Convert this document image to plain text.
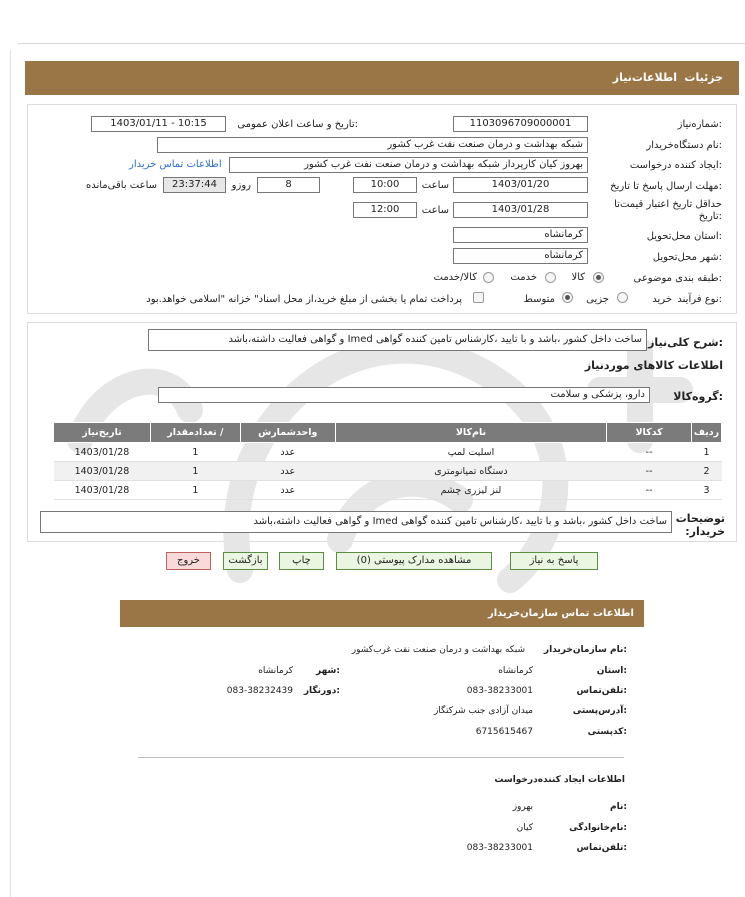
جزئیات
اطلاعات‌نیاز
شماره‌نیاز:
1103096709000001
تاریخ و ساعت اعلان عمومی:
1403/01/11 - 10:15
نام دستگاه‌خریدار:
شبکه بهداشت و درمان صنعت نفت غرب کشور
ایجاد کننده درخواست:
بهروز کیان کارپرداز شبکه بهداشت و درمان صنعت نفت غرب کشور
اطلاعات تماس خریدار
مهلت ارسال پاسخ تا تاریخ:
1403/01/20
ساعت
10:00
8
روزو
23:37:44
ساعت باقی‌مانده
حداقل تاریخ اعتبار قیمت‌تا
تاریخ:
1403/01/28
ساعت
12:00
استان محل‌تحویل:
کرمانشاه
شهر محل‌تحویل:
کرمانشاه
طبقه بندی موضوعی:
کالا
خدمت
کالا/خدمت
نوع فرآیند:
خرید
جزیی
متوسط
پرداخت تمام یا بخشی از مبلغ خرید،از محل اسناد" خزانه "اسلامی خواهد.بود
شرح کلی‌نیاز:
ساخت داخل کشور ،باشد و با تایید ،کارشناس تامین کننده گواهی Imed و گواهی فعالیت داشته،باشد
اطلاعات کالاهای موردنیاز
گروه‌کالا:
دارو، پزشکی و سلامت
ردیف	کدکالا	نام‌کالا	واحدشمارش	/ تعدادمقدار	تاریخ‌نیاز
1	--	اسلیت لمپ	عدد	1	1403/01/28
2	--	دستگاه تمپانومتری	عدد	1	1403/01/28
3	--	لنز لیزری چشم	عدد	1	1403/01/28
توضیحات
:خریدار
ساخت داخل کشور ،باشد و با تایید ،کارشناس تامین کننده گواهی Imed و گواهی فعالیت داشته،باشد
پاسخ به نیاز
مشاهده مدارک پیوستی (0)
چاپ
بازگشت
خروج
اطلاعات تماس سازمان‌خریدار
نام سازمان‌خریدار:
شبکه بهداشت و درمان صنعت نفت غرب‌کشور
استان:
کرمانشاه
شهر:
کرمانشاه
تلفن‌تماس:
083-38233001
دورنگار:
083-38232439
آدرس‌پستی:
میدان آزادی جنب شرکتگاز
کدپستی:
6715615467
اطلاعات ایجاد کننده‌درخواست
نام:
بهروز
نام‌خانوادگی:
کیان
تلفن‌تماس:
083-38233001
